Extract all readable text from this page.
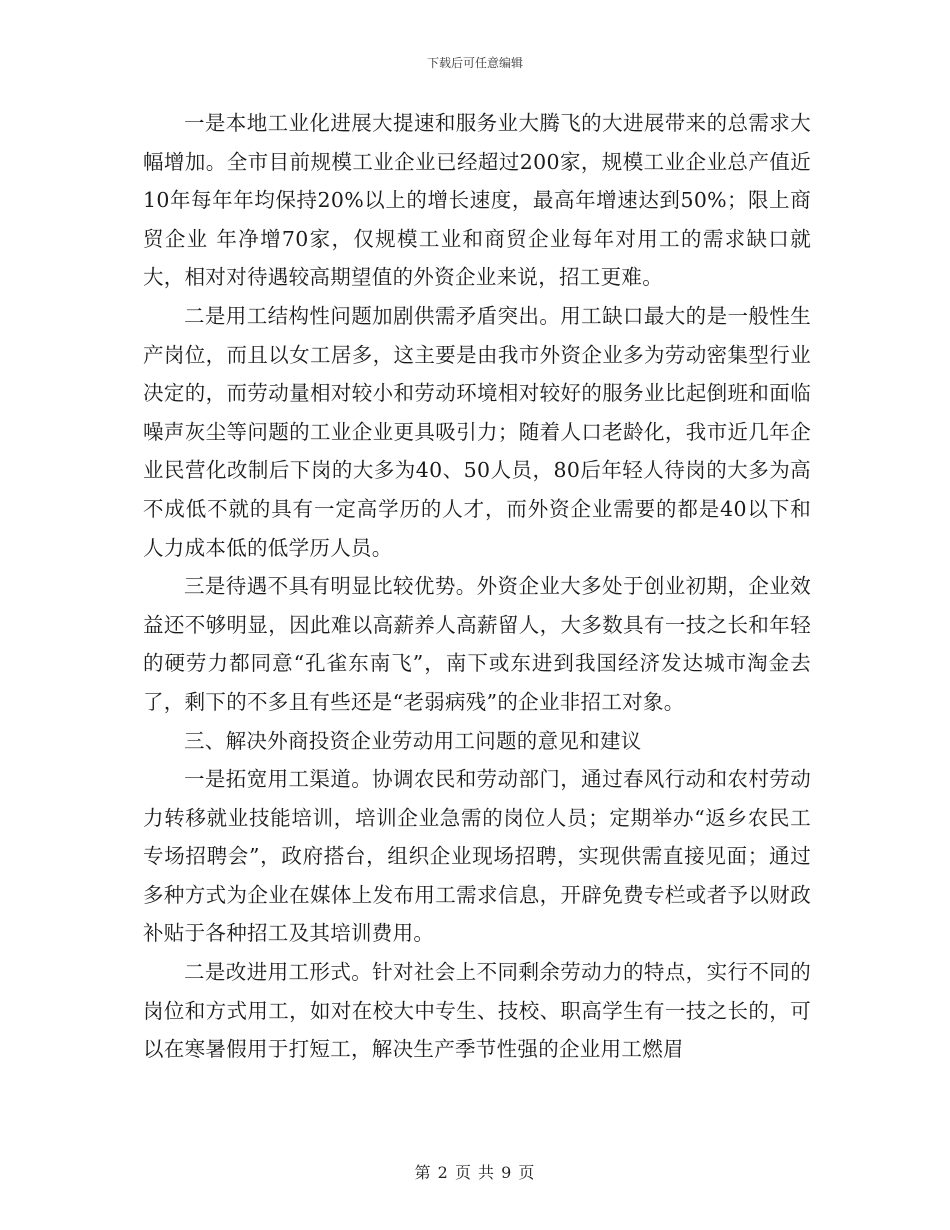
下载后可任意编辑

一是本地工业化进展大提速和服务业大腾飞的大进展带来的总需求大幅增加。全市目前规模工业企业已经超过200家，规模工业企业总产值近10年每年年均保持20%以上的增长速度，最高年增速达到50%；限上商贸企业 年净增70家，仅规模工业和商贸企业每年对用工的需求缺口就大，相对对待遇较高期望值的外资企业来说，招工更难。

二是用工结构性问题加剧供需矛盾突出。用工缺口最大的是一般性生产岗位，而且以女工居多，这主要是由我市外资企业多为劳动密集型行业决定的，而劳动量相对较小和劳动环境相对较好的服务业比起倒班和面临噪声灰尘等问题的工业企业更具吸引力；随着人口老龄化，我市近几年企业民营化改制后下岗的大多为40、50人员，80后年轻人待岗的大多为高不成低不就的具有一定高学历的人才，而外资企业需要的都是40以下和人力成本低的低学历人员。

三是待遇不具有明显比较优势。外资企业大多处于创业初期，企业效益还不够明显，因此难以高薪养人高薪留人，大多数具有一技之长和年轻的硬劳力都同意“孔雀东南飞”，南下或东进到我国经济发达城市淘金去了，剩下的不多且有些还是“老弱病残”的企业非招工对象。

三、解决外商投资企业劳动用工问题的意见和建议

一是拓宽用工渠道。协调农民和劳动部门，通过春风行动和农村劳动力转移就业技能培训，培训企业急需的岗位人员；定期举办“返乡农民工专场招聘会”，政府搭台，组织企业现场招聘，实现供需直接见面；通过多种方式为企业在媒体上发布用工需求信息，开辟免费专栏或者予以财政补贴于各种招工及其培训费用。

二是改进用工形式。针对社会上不同剩余劳动力的特点，实行不同的岗位和方式用工，如对在校大中专生、技校、职高学生有一技之长的，可以在寒暑假用于打短工，解决生产季节性强的企业用工燃眉

第 2 页 共 9 页
